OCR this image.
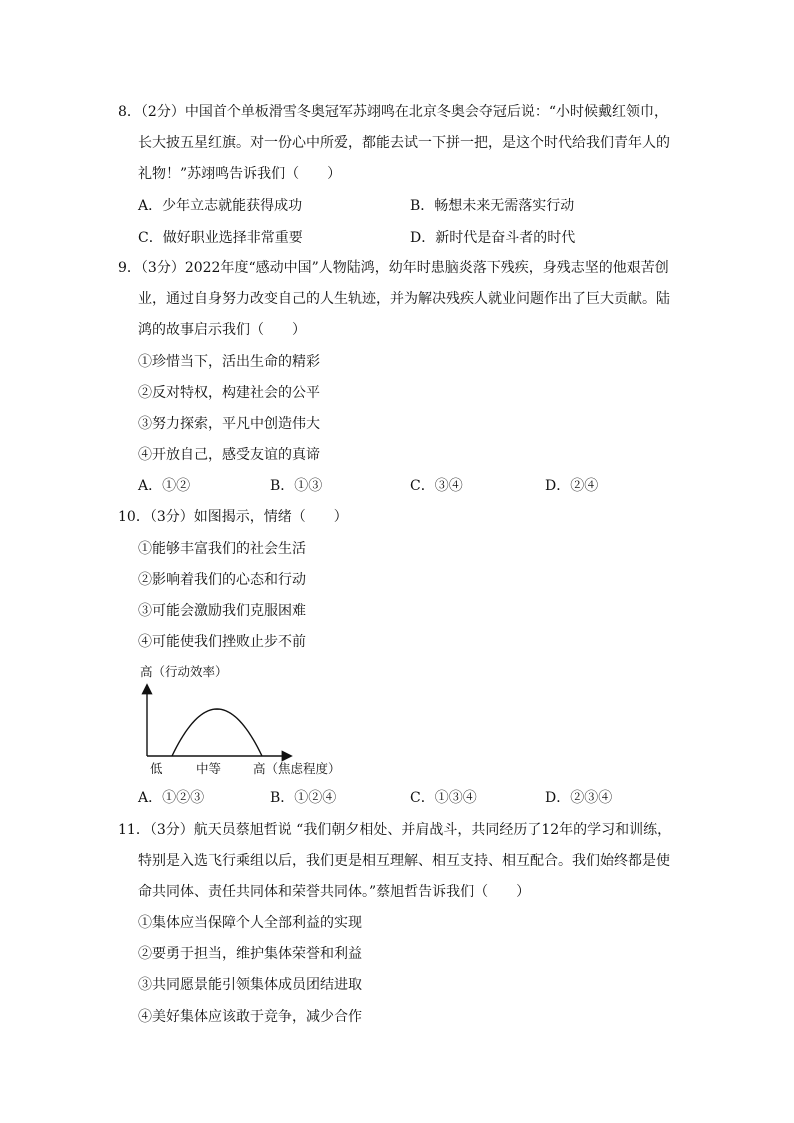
8．（2分）中国首个单板滑雪冬奥冠军苏翊鸣在北京冬奥会夺冠后说：“小时候戴红领巾，
长大披五星红旗。对一份心中所爱，都能去试一下拼一把，是这个时代给我们青年人的
礼物！”苏翊鸣告诉我们（　　）
A．少年立志就能获得成功	B．畅想未来无需落实行动
C．做好职业选择非常重要	D．新时代是奋斗者的时代
9．（3分）2022年度“感动中国”人物陆鸿，幼年时患脑炎落下残疾，身残志坚的他艰苦创
业，通过自身努力改变自己的人生轨迹，并为解决残疾人就业问题作出了巨大贡献。陆
鸿的故事启示我们（　　）
①珍惜当下，活出生命的精彩
②反对特权，构建社会的公平
③努力探索，平凡中创造伟大
④开放自己，感受友谊的真谛
A．①②	B．①③	C．③④	D．②④
10．（3分）如图揭示，情绪（　　）
①能够丰富我们的社会生活
②影响着我们的心态和行动
③可能会激励我们克服困难
④可能使我们挫败止步不前
高（行动效率）
低	中等	高（焦虑程度）
A．①②③	B．①②④	C．①③④	D．②③④
11．（3分）航天员蔡旭哲说 “我们朝夕相处、并肩战斗，共同经历了12年的学习和训练，
特别是入选飞行乘组以后，我们更是相互理解、相互支持、相互配合。我们始终都是使
命共同体、责任共同体和荣誉共同体。”蔡旭哲告诉我们（　　）
①集体应当保障个人全部利益的实现
②要勇于担当，维护集体荣誉和利益
③共同愿景能引领集体成员团结进取
④美好集体应该敢于竞争，减少合作
